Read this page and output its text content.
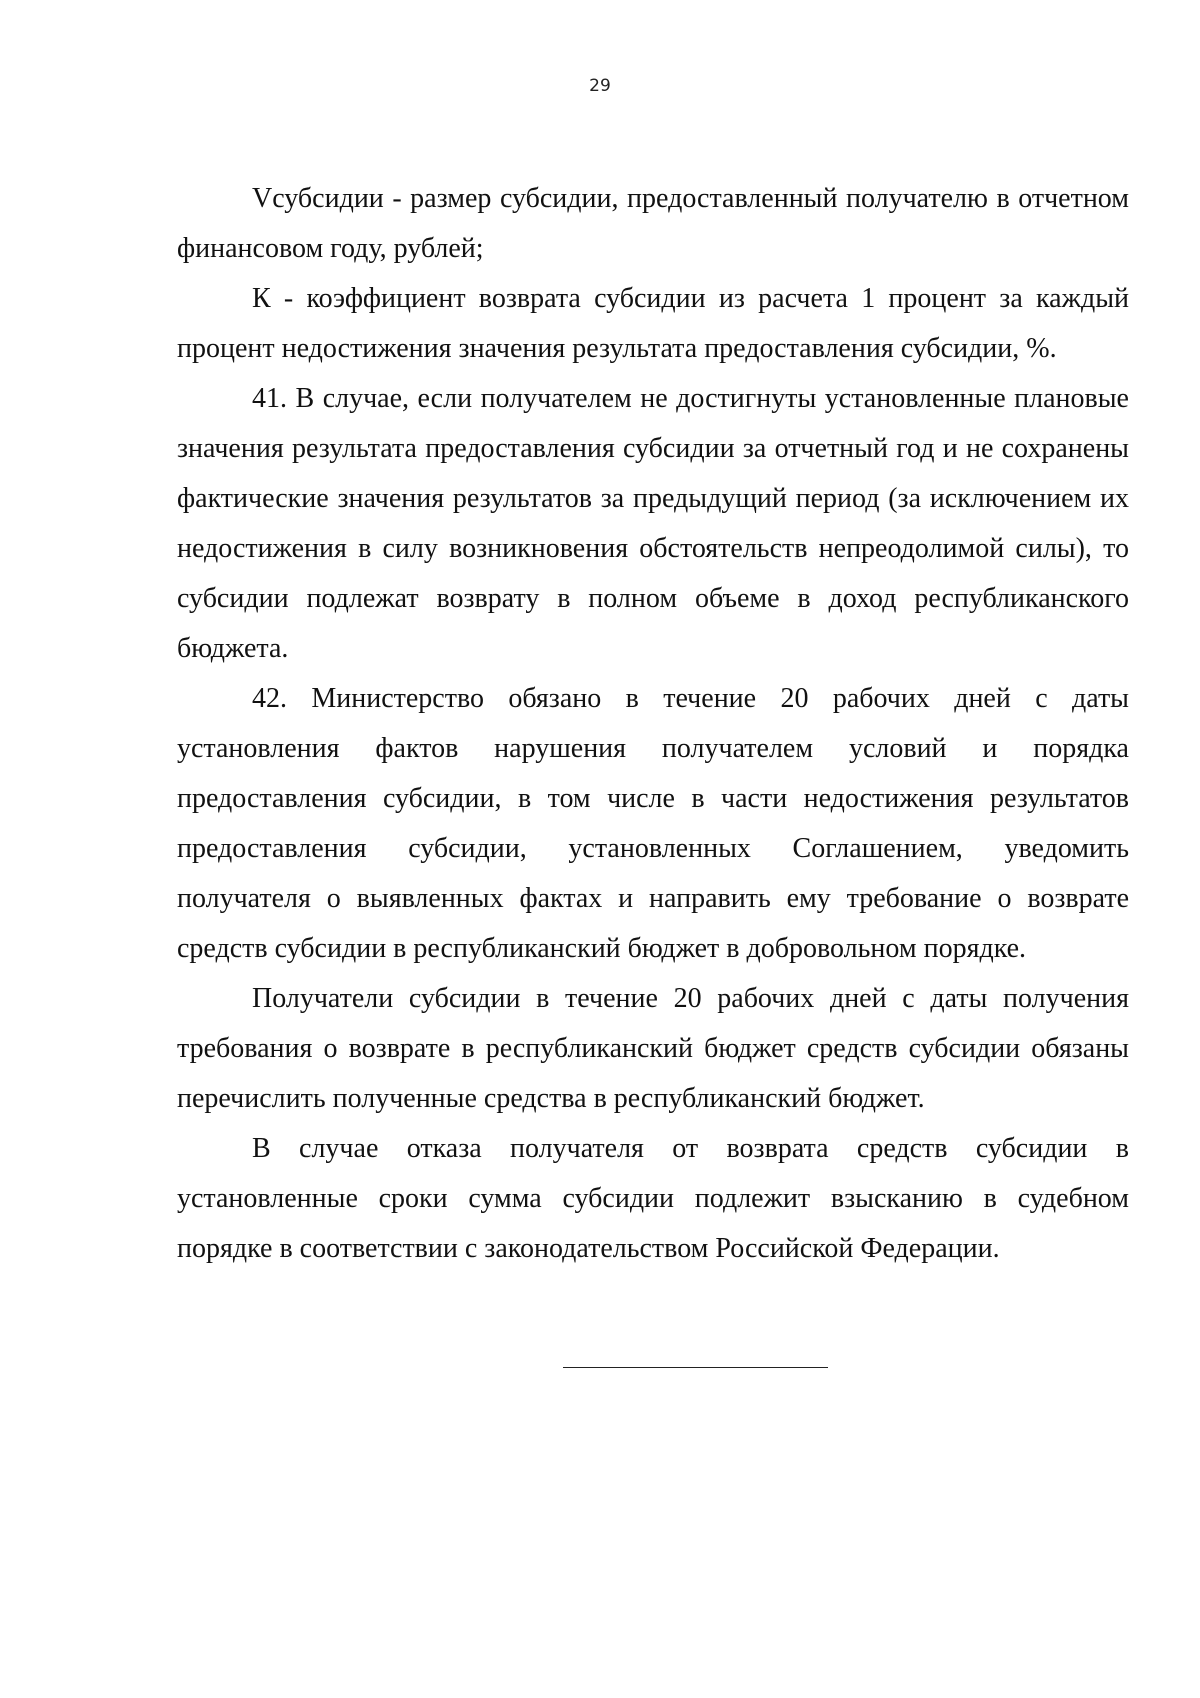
29

Vсубсидии - размер субсидии, предоставленный получателю в отчетном финансовом году, рублей;

К - коэффициент возврата субсидии из расчета 1 процент за каждый процент недостижения значения результата предоставления субсидии, %.

41. В случае, если получателем не достигнуты установленные плановые значения результата предоставления субсидии за отчетный год и не сохранены фактические значения результатов за предыдущий период (за исключением их недостижения в силу возникновения обстоятельств непреодолимой силы), то субсидии подлежат возврату в полном объеме в доход республиканского бюджета.

42. Министерство обязано в течение 20 рабочих дней с даты установления фактов нарушения получателем условий и порядка предоставления субсидии, в том числе в части недостижения результатов предоставления субсидии, установленных Соглашением, уведомить получателя о выявленных фактах и направить ему требование о возврате средств субсидии в республиканский бюджет в добровольном порядке.

Получатели субсидии в течение 20 рабочих дней с даты получения требования о возврате в республиканский бюджет средств субсидии обязаны перечислить полученные средства в республиканский бюджет.

В случае отказа получателя от возврата средств субсидии в установленные сроки сумма субсидии подлежит взысканию в судебном порядке в соответствии с законодательством Российской Федерации.
